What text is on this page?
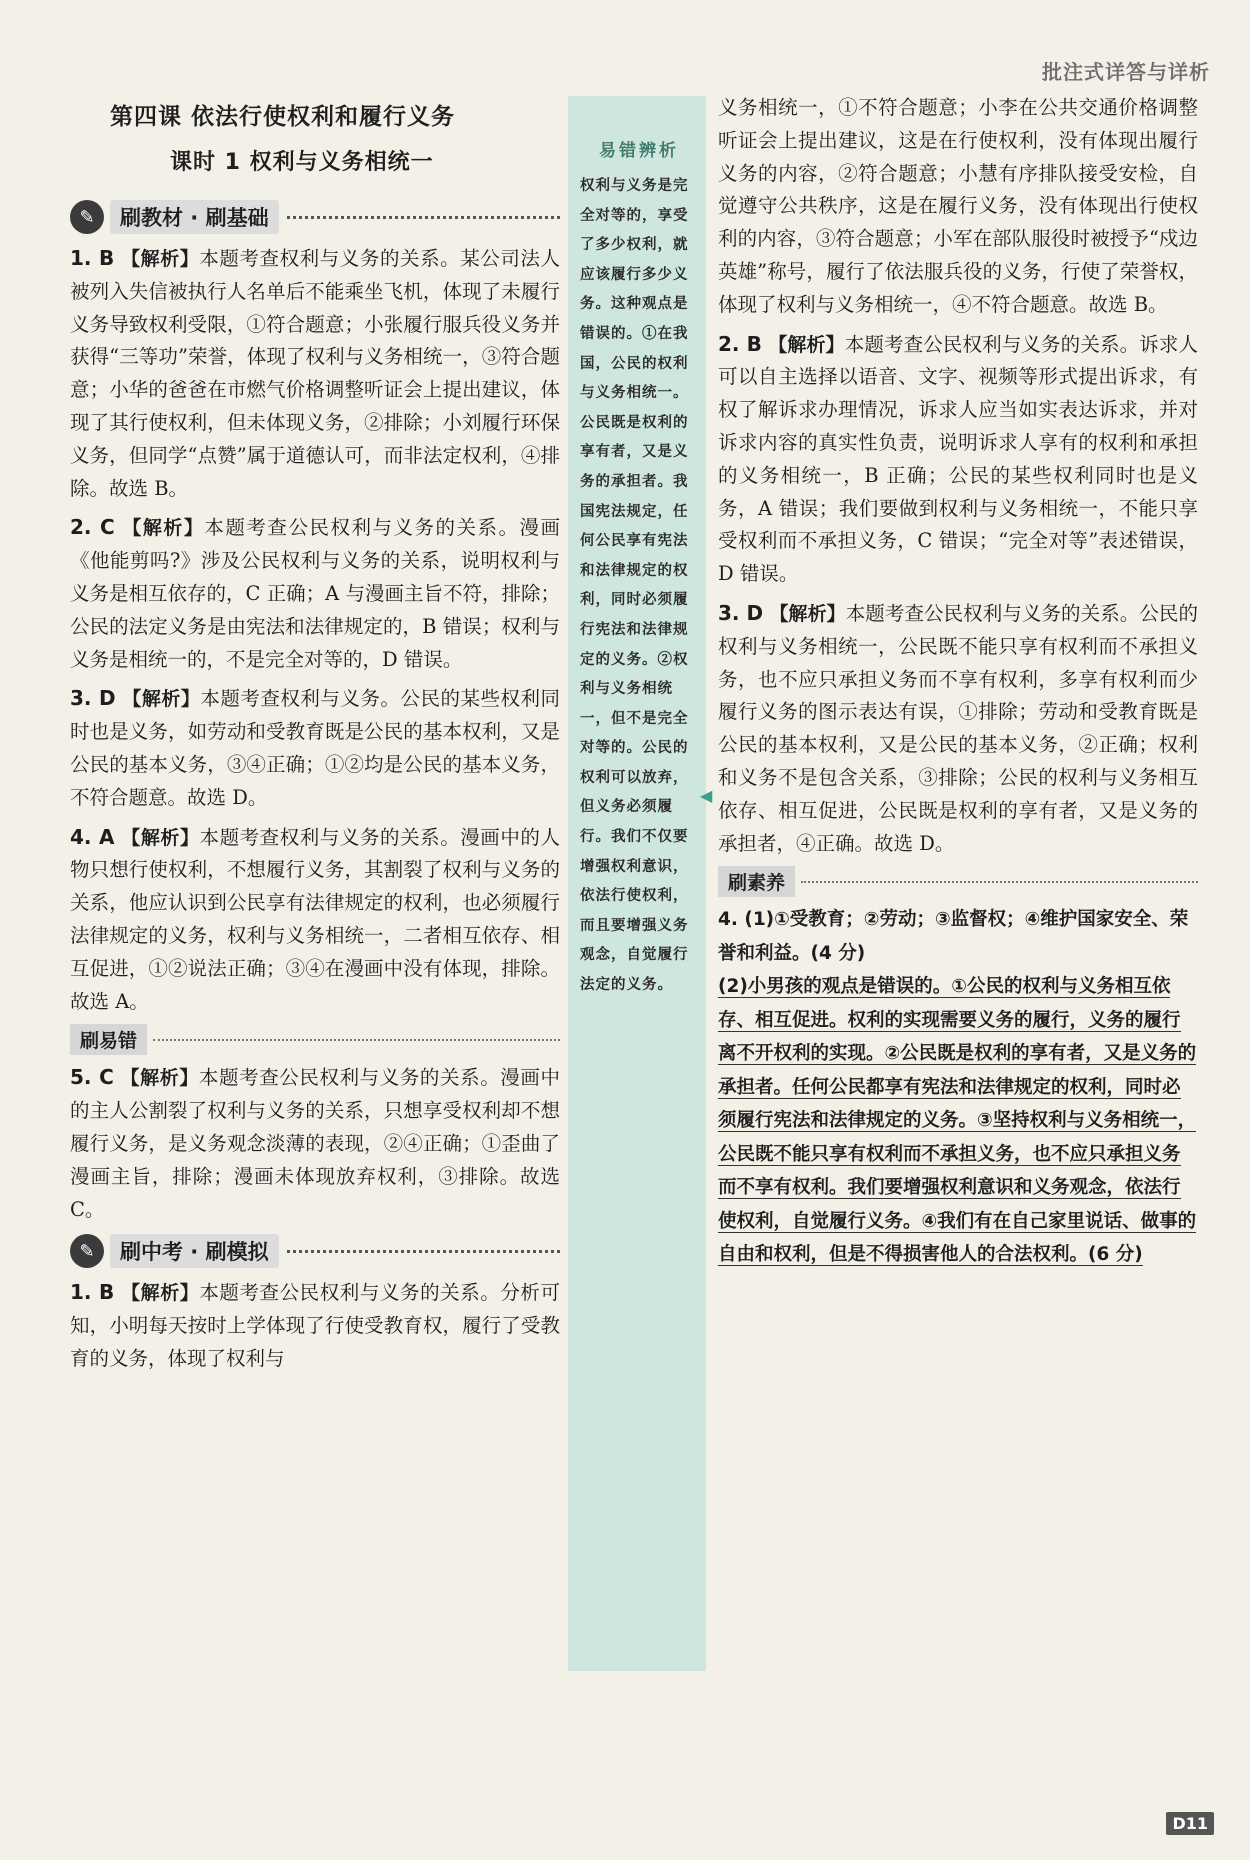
批注式详答与详析
第四课 依法行使权利和履行义务
课时 1 权利与义务相统一
✎	刷教材 · 刷基础
1. B 【解析】本题考查权利与义务的关系。某公司法人被列入失信被执行人名单后不能乘坐飞机，体现了未履行义务导致权利受限，①符合题意；小张履行服兵役义务并获得“三等功”荣誉，体现了权利与义务相统一，③符合题意；小华的爸爸在市燃气价格调整听证会上提出建议，体现了其行使权利，但未体现义务，②排除；小刘履行环保义务，但同学“点赞”属于道德认可，而非法定权利，④排除。故选 B。
2. C 【解析】本题考查公民权利与义务的关系。漫画《他能剪吗?》涉及公民权利与义务的关系，说明权利与义务是相互依存的，C 正确；A 与漫画主旨不符，排除；公民的法定义务是由宪法和法律规定的，B 错误；权利与义务是相统一的，不是完全对等的，D 错误。
3. D 【解析】本题考查权利与义务。公民的某些权利同时也是义务，如劳动和受教育既是公民的基本权利，又是公民的基本义务，③④正确；①②均是公民的基本义务，不符合题意。故选 D。
4. A 【解析】本题考查权利与义务的关系。漫画中的人物只想行使权利，不想履行义务，其割裂了权利与义务的关系，他应认识到公民享有法律规定的权利，也必须履行法律规定的义务，权利与义务相统一，二者相互依存、相互促进，①②说法正确；③④在漫画中没有体现，排除。故选 A。
刷易错
5. C 【解析】本题考查公民权利与义务的关系。漫画中的主人公割裂了权利与义务的关系，只想享受权利却不想履行义务，是义务观念淡薄的表现，②④正确；①歪曲了漫画主旨，排除；漫画未体现放弃权利，③排除。故选 C。
✎	刷中考 · 刷模拟
1. B 【解析】本题考查公民权利与义务的关系。分析可知，小明每天按时上学体现了行使受教育权，履行了受教育的义务，体现了权利与
易错辨析
权利与义务是完全对等的，享受了多少权利，就应该履行多少义务。这种观点是错误的。①在我国，公民的权利与义务相统一。公民既是权利的享有者，又是义务的承担者。我国宪法规定，任何公民享有宪法和法律规定的权利，同时必须履行宪法和法律规定的义务。②权利与义务相统一，但不是完全对等的。公民的权利可以放弃，但义务必须履行。我们不仅要增强权利意识，依法行使权利，而且要增强义务观念，自觉履行法定的义务。
◀
义务相统一，①不符合题意；小李在公共交通价格调整听证会上提出建议，这是在行使权利，没有体现出履行义务的内容，②符合题意；小慧有序排队接受安检，自觉遵守公共秩序，这是在履行义务，没有体现出行使权利的内容，③符合题意；小军在部队服役时被授予“戍边英雄”称号，履行了依法服兵役的义务，行使了荣誉权，体现了权利与义务相统一，④不符合题意。故选 B。
2. B 【解析】本题考查公民权利与义务的关系。诉求人可以自主选择以语音、文字、视频等形式提出诉求，有权了解诉求办理情况，诉求人应当如实表达诉求，并对诉求内容的真实性负责，说明诉求人享有的权利和承担的义务相统一，B 正确；公民的某些权利同时也是义务，A 错误；我们要做到权利与义务相统一，不能只享受权利而不承担义务，C 错误；“完全对等”表述错误，D 错误。
3. D 【解析】本题考查公民权利与义务的关系。公民的权利与义务相统一，公民既不能只享有权利而不承担义务，也不应只承担义务而不享有权利，多享有权利而少履行义务的图示表达有误，①排除；劳动和受教育既是公民的基本权利，又是公民的基本义务，②正确；权利和义务不是包含关系，③排除；公民的权利与义务相互依存、相互促进，公民既是权利的享有者，又是义务的承担者，④正确。故选 D。
刷素养
4. (1)①受教育；②劳动；③监督权；④维护国家安全、荣誉和利益。(4 分)
(2)小男孩的观点是错误的。①公民的权利与义务相互依存、相互促进。权利的实现需要义务的履行，义务的履行离不开权利的实现。②公民既是权利的享有者，又是义务的承担者。任何公民都享有宪法和法律规定的权利，同时必须履行宪法和法律规定的义务。③坚持权利与义务相统一，公民既不能只享有权利而不承担义务，也不应只承担义务而不享有权利。我们要增强权利意识和义务观念，依法行使权利，自觉履行义务。④我们有在自己家里说话、做事的自由和权利，但是不得损害他人的合法权利。(6 分)
D11
